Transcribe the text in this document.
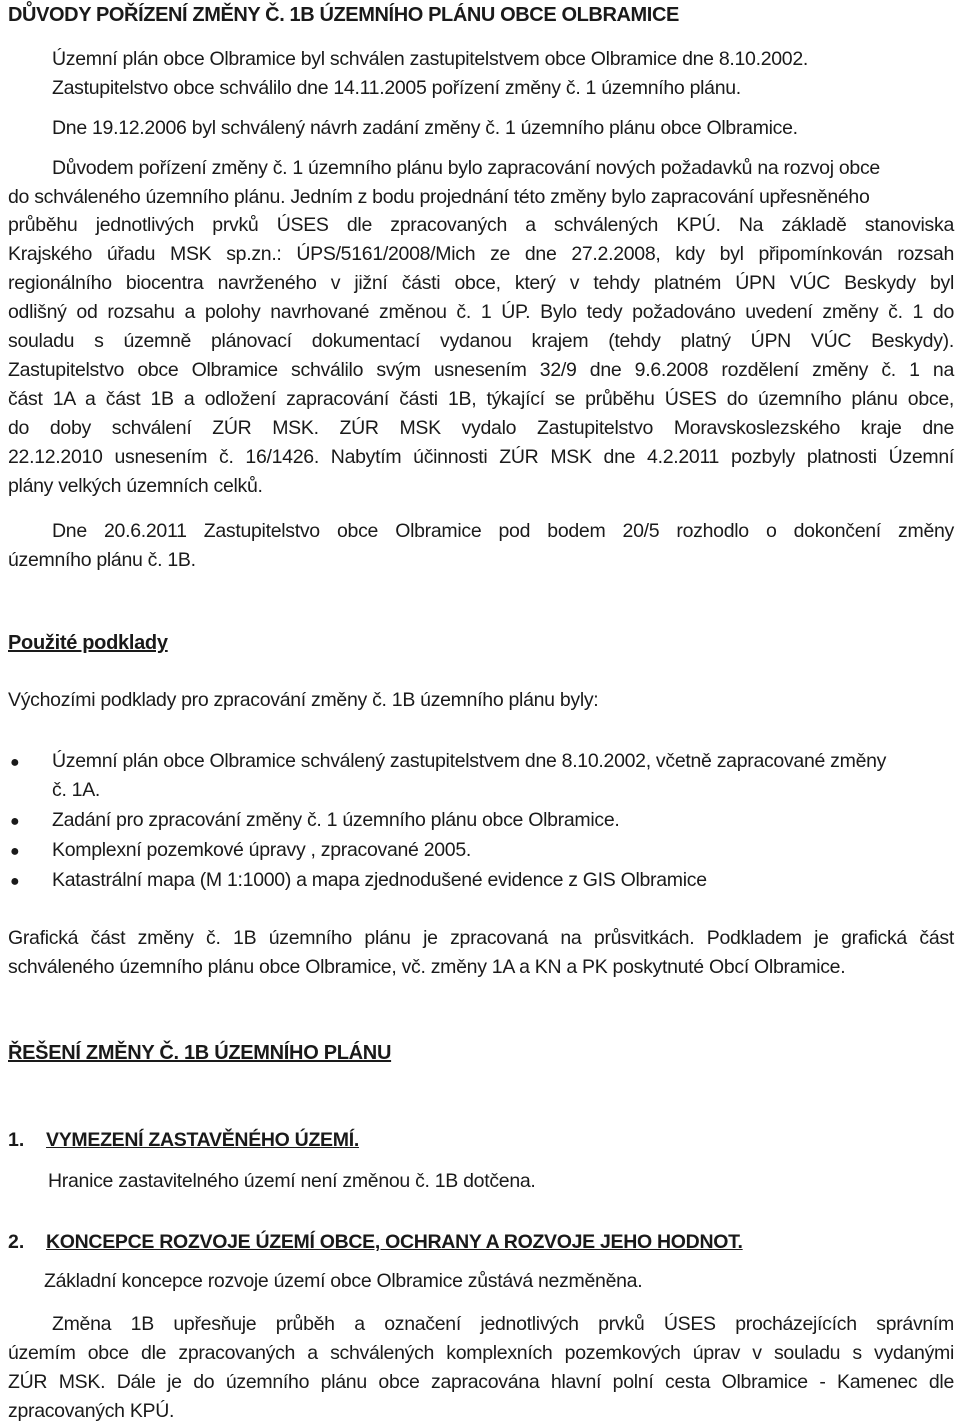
DŮVODY POŘÍZENÍ ZMĚNY Č. 1B ÚZEMNÍHO PLÁNU OBCE OLBRAMICE
Územní plán obce Olbramice byl schválen zastupitelstvem obce Olbramice dne 8.10.2002.
Zastupitelstvo obce schválilo dne 14.11.2005 pořízení změny č. 1 územního plánu.
Dne 19.12.2006 byl schválený návrh zadání změny č. 1 územního plánu obce Olbramice.
Důvodem pořízení změny č. 1 územního plánu bylo zapracování nových požadavků na rozvoj obce
do schváleného územního plánu. Jedním z bodu projednání této změny bylo zapracování upřesněného
průběhu jednotlivých prvků ÚSES dle zpracovaných a schválených KPÚ. Na základě stanoviska
Krajského úřadu MSK sp.zn.: ÚPS/5161/2008/Mich ze dne 27.2.2008, kdy byl připomínkován rozsah
regionálního biocentra navrženého v jižní části obce, který v tehdy platném ÚPN VÚC Beskydy byl
odlišný od rozsahu a polohy navrhované změnou č. 1 ÚP. Bylo tedy požadováno uvedení změny č. 1 do
souladu s územně plánovací dokumentací vydanou krajem (tehdy platný ÚPN VÚC Beskydy).
Zastupitelstvo obce Olbramice schválilo svým usnesením 32/9 dne 9.6.2008 rozdělení změny č. 1 na
část 1A a část 1B a odložení zapracování části 1B, týkající se průběhu ÚSES do územního plánu obce,
do doby schválení ZÚR MSK. ZÚR MSK vydalo Zastupitelstvo Moravskoslezského kraje dne
22.12.2010 usnesením č. 16/1426. Nabytím účinnosti ZÚR MSK dne 4.2.2011 pozbyly platnosti Územní
plány velkých územních celků.
Dne 20.6.2011 Zastupitelstvo obce Olbramice pod bodem 20/5 rozhodlo o dokončení změny
územního plánu č. 1B.
Použité podklady
Výchozími podklady pro zpracování změny č. 1B územního plánu byly:
● Územní plán obce Olbramice schválený zastupitelstvem dne 8.10.2002, včetně zapracované změny
č. 1A.
● Zadání pro zpracování změny č. 1 územního plánu obce Olbramice.
● Komplexní pozemkové úpravy , zpracované 2005.
● Katastrální mapa (M 1:1000) a mapa zjednodušené evidence z GIS Olbramice
Grafická část změny č. 1B územního plánu je zpracovaná na průsvitkách. Podkladem je grafická část
schváleného územního plánu obce Olbramice, vč. změny 1A a KN a PK poskytnuté Obcí Olbramice.
ŘEŠENÍ ZMĚNY Č. 1B ÚZEMNÍHO PLÁNU
1. VYMEZENÍ ZASTAVĚNÉHO ÚZEMÍ.
Hranice zastavitelného území není změnou č. 1B dotčena.
2. KONCEPCE ROZVOJE ÚZEMÍ OBCE, OCHRANY A ROZVOJE JEHO HODNOT.
Základní koncepce rozvoje území obce Olbramice zůstává nezměněna.
Změna 1B upřesňuje průběh a označení jednotlivých prvků ÚSES procházejících správním
územím obce dle zpracovaných a schválených komplexních pozemkových úprav v souladu s vydanými
ZÚR MSK. Dále je do územního plánu obce zapracována hlavní polní cesta Olbramice - Kamenec dle
zpracovaných KPÚ.
